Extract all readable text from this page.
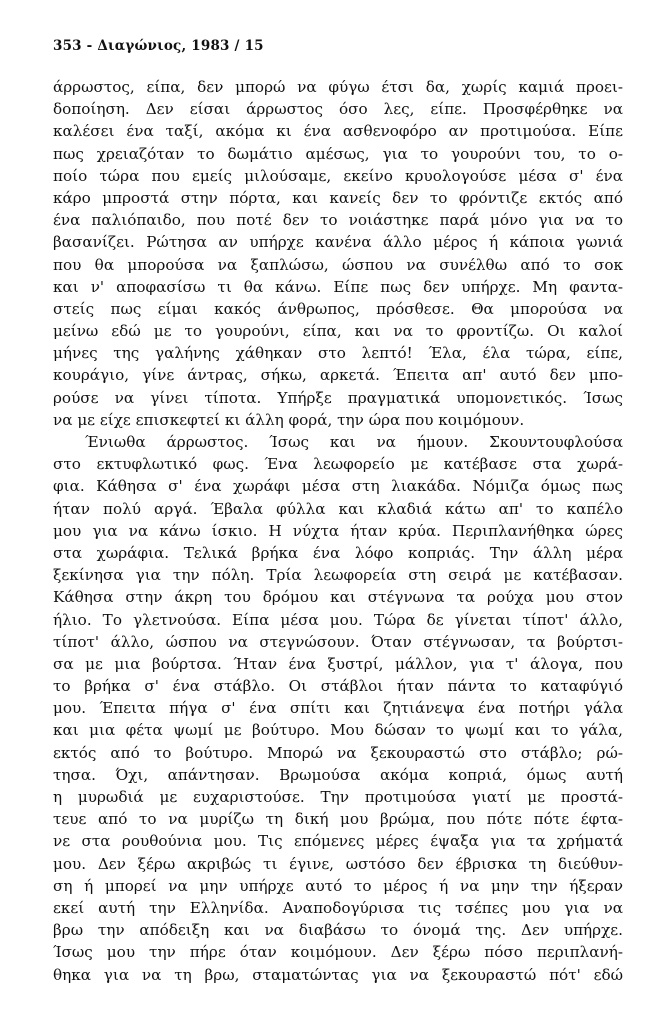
353 - Διαγώνιος, 1983 / 15
άρρωστος, είπα, δεν μπορώ να φύγω έτσι δα, χωρίς καμιά προει-
δοποίηση. Δεν είσαι άρρωστος όσο λες, είπε. Προσφέρθηκε να
καλέσει ένα ταξί, ακόμα κι ένα ασθενοφόρο αν προτιμούσα. Είπε
πως χρειαζόταν το δωμάτιο αμέσως, για το γουρούνι του, το ο-
ποίο τώρα που εμείς μιλούσαμε, εκείνο κρυολογούσε μέσα σ' ένα
κάρο μπροστά στην πόρτα, και κανείς δεν το φρόντιζε εκτός από
ένα παλιόπαιδο, που ποτέ δεν το νοιάστηκε παρά μόνο για να το
βασανίζει. Ρώτησα αν υπήρχε κανένα άλλο μέρος ή κάποια γωνιά
που θα μπορούσα να ξαπλώσω, ώσπου να συνέλθω από το σοκ
και ν' αποφασίσω τι θα κάνω. Είπε πως δεν υπήρχε. Μη φαντα-
στείς πως είμαι κακός άνθρωπος, πρόσθεσε. Θα μπορούσα να
μείνω εδώ με το γουρούνι, είπα, και να το φροντίζω. Οι καλοί
μήνες της γαλήνης χάθηκαν στο λεπτό! Έλα, έλα τώρα, είπε,
κουράγιο, γίνε άντρας, σήκω, αρκετά. Έπειτα απ' αυτό δεν μπο-
ρούσε να γίνει τίποτα. Υπήρξε πραγματικά υπομονετικός. Ίσως
να με είχε επισκεφτεί κι άλλη φορά, την ώρα που κοιμόμουν.
Ένιωθα άρρωστος. Ίσως και να ήμουν. Σκουντουφλούσα
στο εκτυφλωτικό φως. Ένα λεωφορείο με κατέβασε στα χωρά-
φια. Κάθησα σ' ένα χωράφι μέσα στη λιακάδα. Νόμιζα όμως πως
ήταν πολύ αργά. Έβαλα φύλλα και κλαδιά κάτω απ' το καπέλο
μου για να κάνω ίσκιο. Η νύχτα ήταν κρύα. Περιπλανήθηκα ώρες
στα χωράφια. Τελικά βρήκα ένα λόφο κοπριάς. Την άλλη μέρα
ξεκίνησα για την πόλη. Τρία λεωφορεία στη σειρά με κατέβασαν.
Κάθησα στην άκρη του δρόμου και στέγνωνα τα ρούχα μου στον
ήλιο. Το γλετνούσα. Είπα μέσα μου. Τώρα δε γίνεται τίποτ' άλλο,
τίποτ' άλλο, ώσπου να στεγνώσουν. Όταν στέγνωσαν, τα βούρτσι-
σα με μια βούρτσα. Ήταν ένα ξυστρί, μάλλον, για τ' άλογα, που
το βρήκα σ' ένα στάβλο. Οι στάβλοι ήταν πάντα το καταφύγιό
μου. Έπειτα πήγα σ' ένα σπίτι και ζητιάνεψα ένα ποτήρι γάλα
και μια φέτα ψωμί με βούτυρο. Μου δώσαν το ψωμί και το γάλα,
εκτός από το βούτυρο. Μπορώ να ξεκουραστώ στο στάβλο; ρώ-
τησα. Όχι, απάντησαν. Βρωμούσα ακόμα κοπριά, όμως αυτή
η μυρωδιά με ευχαριστούσε. Την προτιμούσα γιατί με προστά-
τευε από το να μυρίζω τη δική μου βρώμα, που πότε πότε έφτα-
νε στα ρουθούνια μου. Τις επόμενες μέρες έψαξα για τα χρήματά
μου. Δεν ξέρω ακριβώς τι έγινε, ωστόσο δεν έβρισκα τη διεύθυν-
ση ή μπορεί να μην υπήρχε αυτό το μέρος ή να μην την ήξεραν
εκεί αυτή την Ελληνίδα. Αναποδογύρισα τις τσέπες μου για να
βρω την απόδειξη και να διαβάσω το όνομά της. Δεν υπήρχε.
Ίσως μου την πήρε όταν κοιμόμουν. Δεν ξέρω πόσο περιπλανή-
θηκα για να τη βρω, σταματώντας για να ξεκουραστώ πότ' εδώ
